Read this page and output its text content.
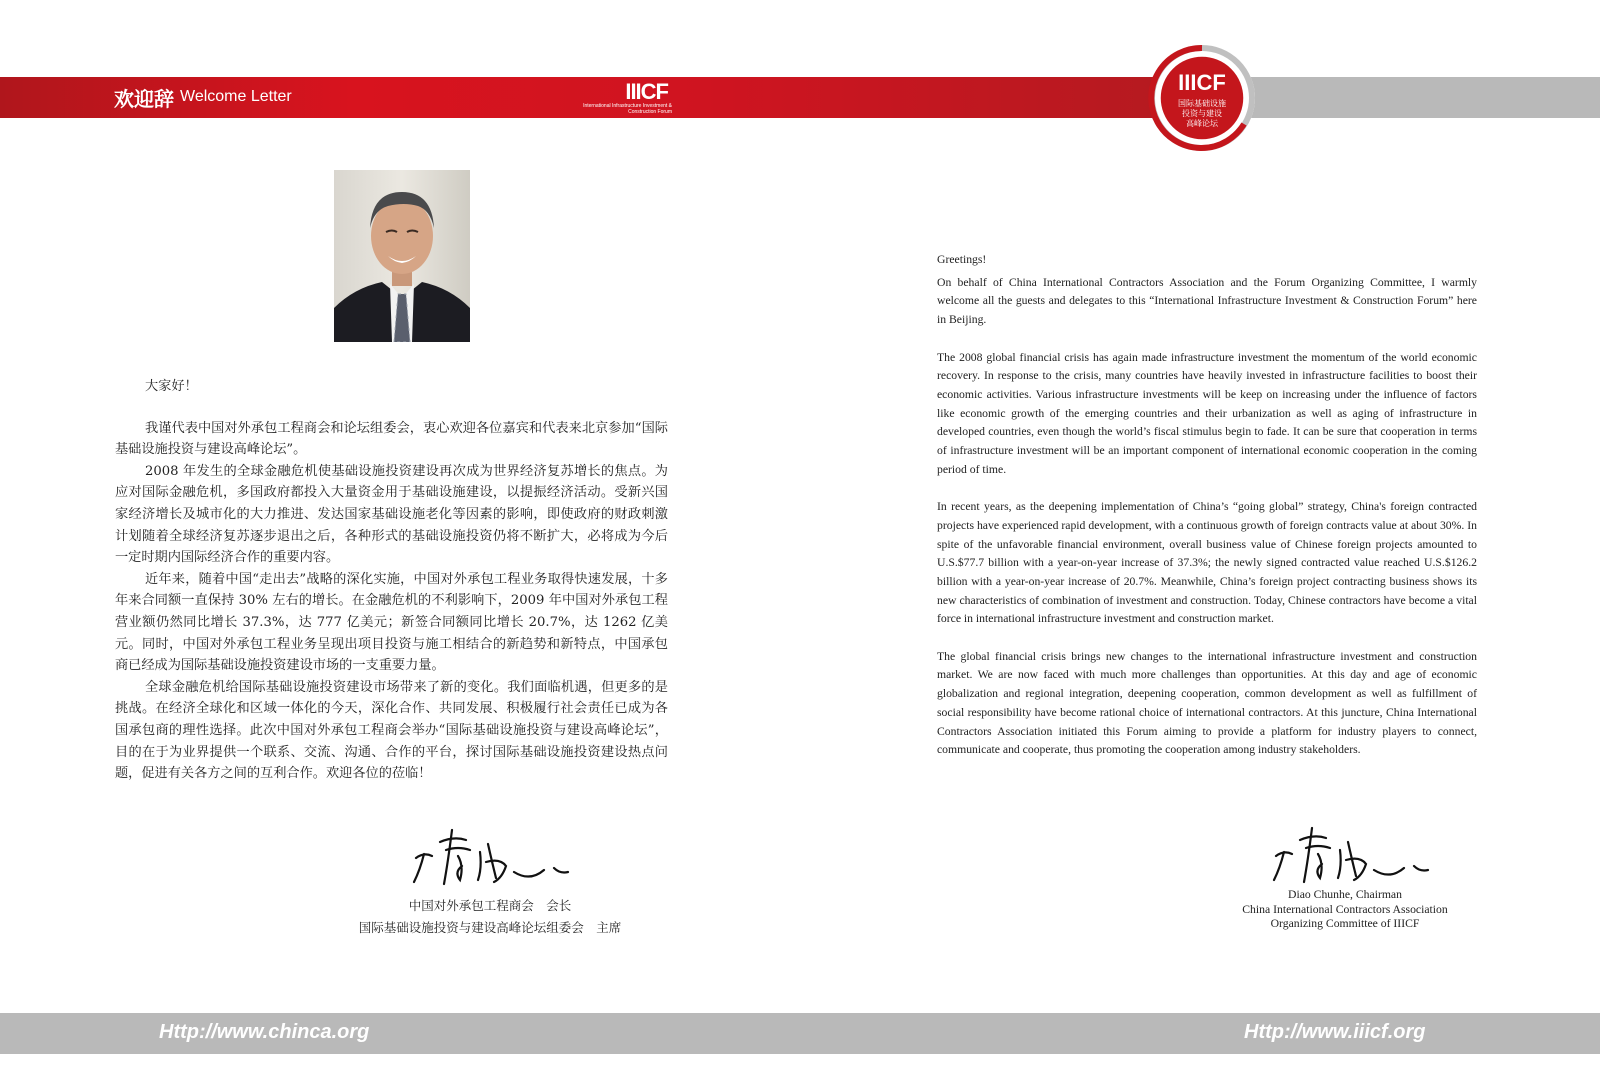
欢迎辞 Welcome Letter	IIICF
International Infrastructure Investment &
Construction Forum
IIICF
国际基础设施
投资与建设
高峰论坛
大家好！

我谨代表中国对外承包工程商会和论坛组委会，衷心欢迎各位嘉宾和代表来北京参加“国际基础设施投资与建设高峰论坛”。

2008 年发生的全球金融危机使基础设施投资建设再次成为世界经济复苏增长的焦点。为应对国际金融危机，多国政府都投入大量资金用于基础设施建设，以提振经济活动。受新兴国家经济增长及城市化的大力推进、发达国家基础设施老化等因素的影响，即使政府的财政刺激计划随着全球经济复苏逐步退出之后，各种形式的基础设施投资仍将不断扩大，必将成为今后一定时期内国际经济合作的重要内容。

近年来，随着中国“走出去”战略的深化实施，中国对外承包工程业务取得快速发展，十多年来合同额一直保持 30% 左右的增长。在金融危机的不利影响下，2009 年中国对外承包工程营业额仍然同比增长 37.3%，达 777 亿美元；新签合同额同比增长 20.7%，达 1262 亿美元。同时，中国对外承包工程业务呈现出项目投资与施工相结合的新趋势和新特点，中国承包商已经成为国际基础设施投资建设市场的一支重要力量。

全球金融危机给国际基础设施投资建设市场带来了新的变化。我们面临机遇，但更多的是挑战。在经济全球化和区域一体化的今天，深化合作、共同发展、积极履行社会责任已成为各国承包商的理性选择。此次中国对外承包工程商会举办“国际基础设施投资与建设高峰论坛”，目的在于为业界提供一个联系、交流、沟通、合作的平台，探讨国际基础设施投资建设热点问题，促进有关各方之间的互利合作。欢迎各位的莅临！

中国对外承包工程商会　会长
国际基础设施投资与建设高峰论坛组委会　主席

Greetings!

On behalf of China International Contractors Association and the Forum Organizing Committee, I warmly welcome all the guests and delegates to this “International Infrastructure Investment & Construction Forum” here in Beijing.

The 2008 global financial crisis has again made infrastructure investment the momentum of the world economic recovery. In response to the crisis, many countries have heavily invested in infrastructure facilities to boost their economic activities. Various infrastructure investments will be keep on increasing under the influence of factors like economic growth of the emerging countries and their urbanization as well as aging of infrastructure in developed countries, even though the world’s fiscal stimulus begin to fade. It can be sure that cooperation in terms of infrastructure investment will be an important component of international economic cooperation in the coming period of time.

In recent years, as the deepening implementation of China’s “going global” strategy, China's foreign contracted projects have experienced rapid development, with a continuous growth of foreign contracts value at about 30%. In spite of the unfavorable financial environment, overall business value of Chinese foreign projects amounted to U.S.$77.7 billion with a year-on-year increase of 37.3%; the newly signed contracted value reached U.S.$126.2 billion with a year-on-year increase of 20.7%. Meanwhile, China’s foreign project contracting business shows its new characteristics of combination of investment and construction. Today, Chinese contractors have become a vital force in international infrastructure investment and construction market.

The global financial crisis brings new changes to the international infrastructure investment and construction market. We are now faced with much more challenges than opportunities. At this day and age of economic globalization and regional integration, deepening cooperation, common development as well as fulfillment of social responsibility have become rational choice of international contractors. At this juncture, China International Contractors Association initiated this Forum aiming to provide a platform for industry players to connect, communicate and cooperate, thus promoting the cooperation among industry stakeholders.

Diao Chunhe, Chairman
China International Contractors Association
Organizing Committee of IIICF
Http://www.chinca.org	Http://www.iiicf.org
